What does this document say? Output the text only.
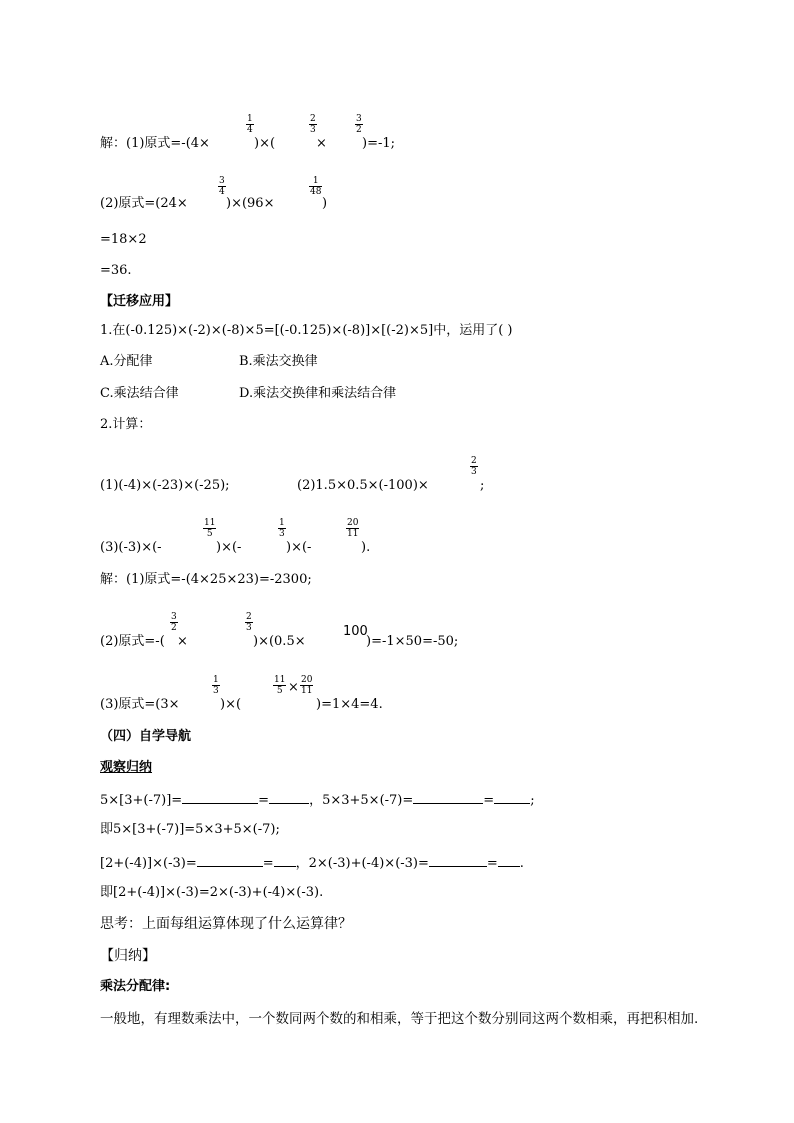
解：(1)原式=-(4×
1
4
)×(
2
3
×
3
2
)=-1;
(2)原式=(24×
3
4
)×(96×
1
48
)
=18×2
=36.
【迁移应用】
1.在(-0.125)×(-2)×(-8)×5=[(-0.125)×(-8)]×[(-2)×5]中，运用了( )
A.分配律	B.乘法交换律
C.乘法结合律	D.乘法交换律和乘法结合律
2.计算：
(1)(-4)×(-23)×(-25);	(2)1.5×0.5×(-100)×
2
3
;
(3)(-3)×(-
11
5
)×(-
1
3
)×(-
20
11
).
解：(1)原式=-(4×25×23)=-2300;
(2)原式=-(
3
2
×
2
3
)×(0.5×
100
)=-1×50=-50;
(3)原式=(3×
1
3
)×(
11
5 × 20
11
)=1×4=4.
（四）自学导航
观察归纳
5×[3+(-7)]=	=	，5×3+5×(-7)=	=	;
即5×[3+(-7)]=5×3+5×(-7);
[2+(-4)]×(-3)=	= ，2×(-3)+(-4)×(-3)=	= .
即[2+(-4)]×(-3)=2×(-3)+(-4)×(-3).
思考：上面每组运算体现了什么运算律？
【归纳】
乘法分配律:
一般地，有理数乘法中，一个数同两个数的和相乘，等于把这个数分别同这两个数相乘，再把积相加.
